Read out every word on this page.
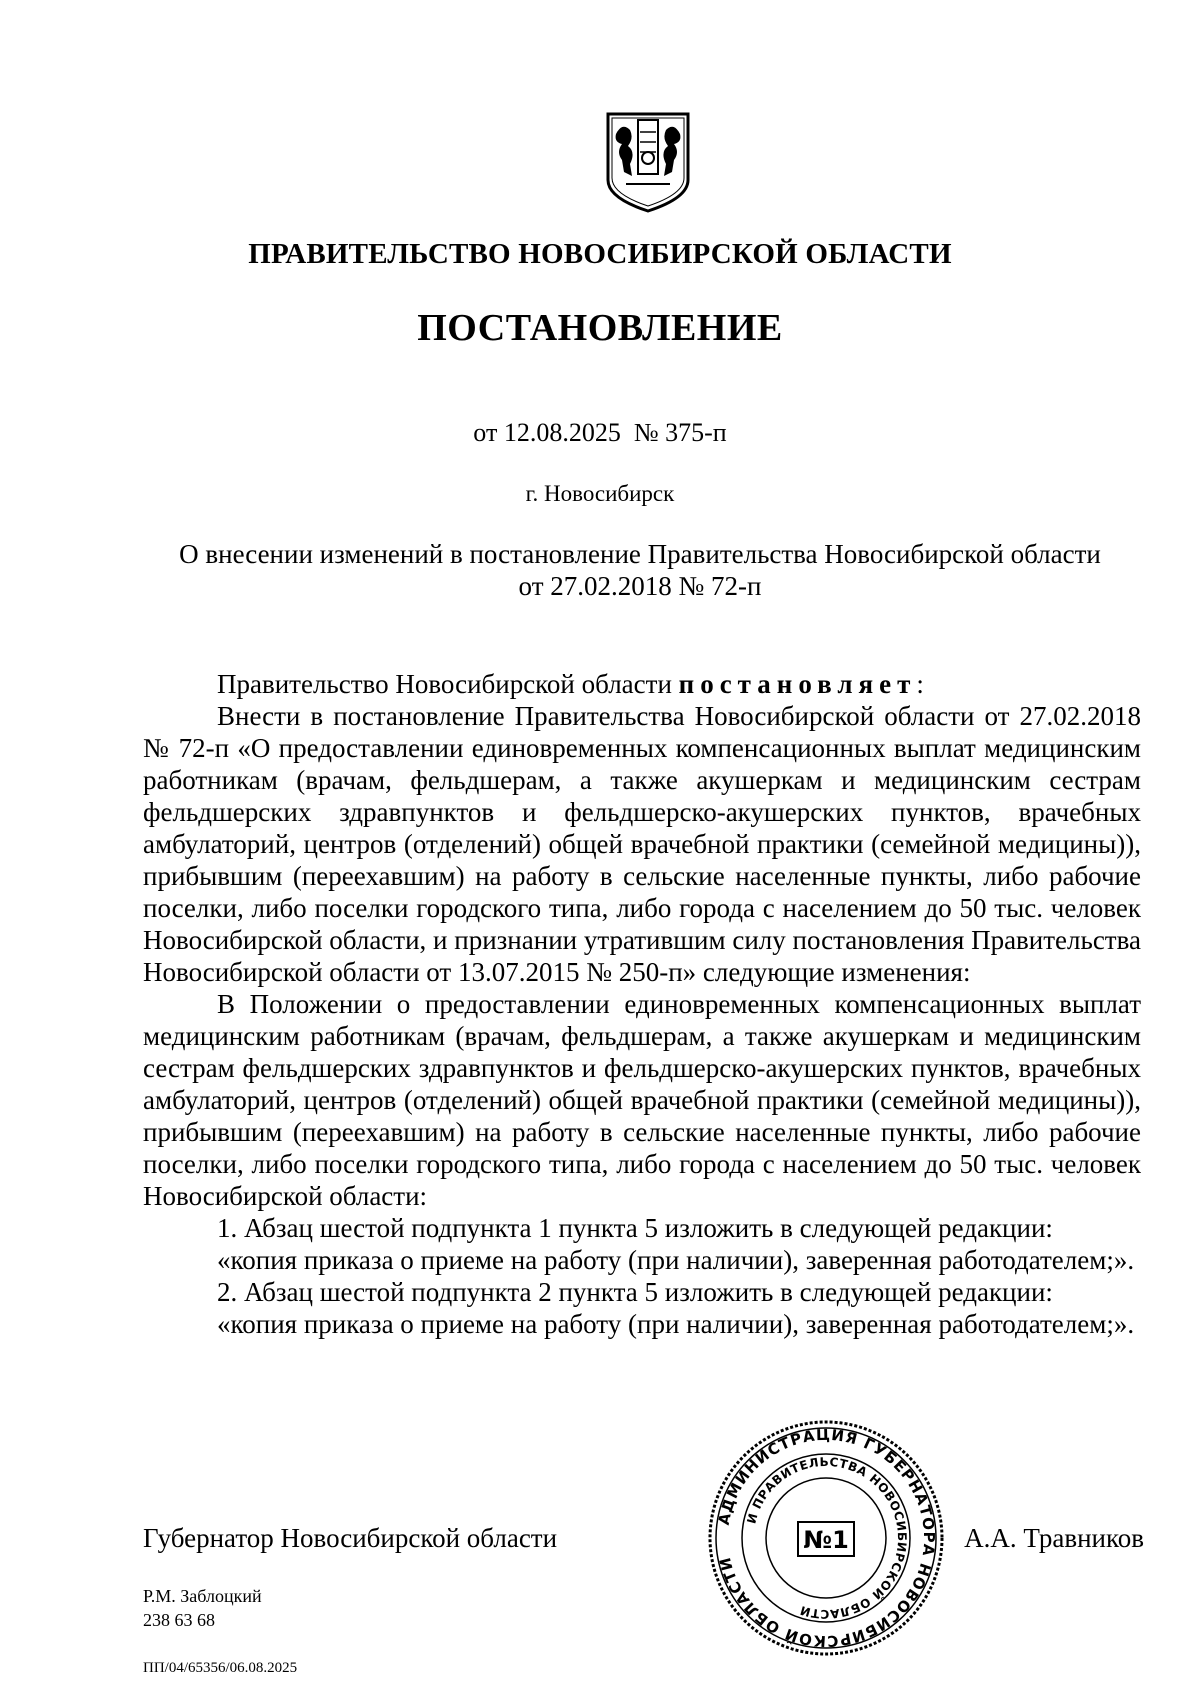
ПРАВИТЕЛЬСТВО НОВОСИБИРСКОЙ ОБЛАСТИ
ПОСТАНОВЛЕНИЕ
от 12.08.2025  № 375-п
г. Новосибирск
О внесении изменений в постановление Правительства Новосибирской области
от 27.02.2018 № 72-п

Правительство Новосибирской области постановляет:

Внести в постановление Правительства Новосибирской области от 27.02.2018 № 72-п «О предоставлении единовременных компенсационных выплат медицинским работникам (врачам, фельдшерам, а также акушеркам и медицинским сестрам фельдшерских здравпунктов и фельдшерско-акушерских пунктов, врачебных амбулаторий, центров (отделений) общей врачебной практики (семейной медицины)), прибывшим (переехавшим) на работу в сельские населенные пункты, либо рабочие поселки, либо поселки городского типа, либо города с населением до 50 тыс. человек Новосибирской области, и признании утратившим силу постановления Правительства Новосибирской области от 13.07.2015 № 250-п» следующие изменения:

В Положении о предоставлении единовременных компенсационных выплат медицинским работникам (врачам, фельдшерам, а также акушеркам и медицинским сестрам фельдшерских здравпунктов и фельдшерско-акушерских пунктов, врачебных амбулаторий, центров (отделений) общей врачебной практики (семейной медицины)), прибывшим (переехавшим) на работу в сельские населенные пункты, либо рабочие поселки, либо поселки городского типа, либо города с населением до 50 тыс. человек Новосибирской области:

1. Абзац шестой подпункта 1 пункта 5 изложить в следующей редакции:

«копия приказа о приеме на работу (при наличии), заверенная работодателем;».

2. Абзац шестой подпункта 2 пункта 5 изложить в следующей редакции:

«копия приказа о приеме на работу (при наличии), заверенная работодателем;».

Губернатор Новосибирской области
АДМИНИСТРАЦИЯ ГУБЕРНАТОРА НОВОСИБИРСКОЙ ОБЛАСТИ
И ПРАВИТЕЛЬСТВА НОВОСИБИРСКОЙ ОБЛАСТИ
№1	А.А. Травников
Р.М. Заблоцкий
238 63 68
ПП/04/65356/06.08.2025
